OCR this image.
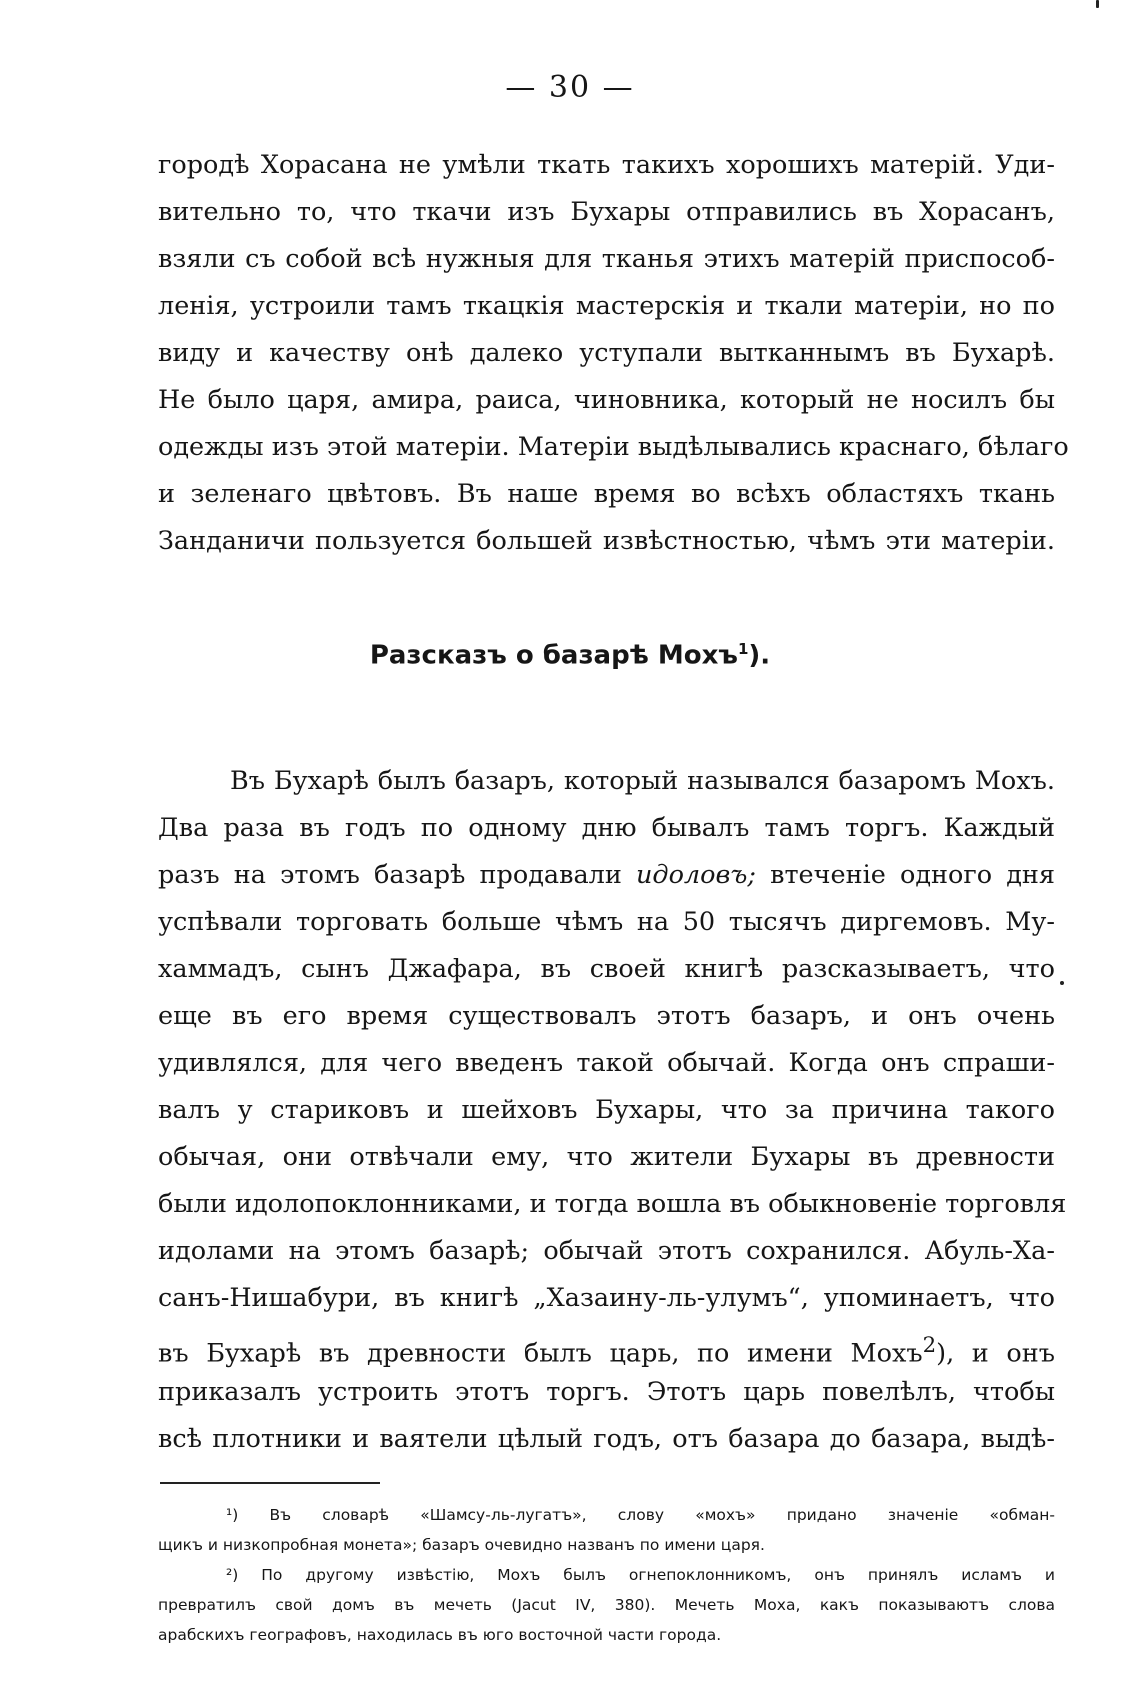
— 30 —
городѣ Хорасана не умѣли ткать такихъ хорошихъ матерій. Уди-
вительно то, что ткачи изъ Бухары отправились въ Хорасанъ,
взяли съ собой всѣ нужныя для тканья этихъ матерій приспособ-
ленія, устроили тамъ ткацкія мастерскія и ткали матеріи, но по
виду и качеству онѣ далеко уступали вытканнымъ въ Бухарѣ.
Не было царя, амира, раиса, чиновника, который не носилъ бы
одежды изъ этой матеріи. Матеріи выдѣлывались краснаго, бѣлаго
и зеленаго цвѣтовъ. Въ наше время во всѣхъ областяхъ ткань
Занданичи пользуется большей извѣстностью, чѣмъ эти матеріи.
Разсказъ о базарѣ Мохъ$^1$).
Въ Бухарѣ былъ базаръ, который назывался базаромъ Мохъ.
Два раза въ годъ по одному дню бывалъ тамъ торгъ. Каждый
разъ на этомъ базарѣ продавали идоловъ; втеченіе одного дня
успѣвали торговать больше чѣмъ на 50 тысячъ диргемовъ. Му-
хаммадъ, сынъ Джафара, въ своей книгѣ разсказываетъ, что
еще въ его время существовалъ этотъ базаръ, и онъ очень
удивлялся, для чего введенъ такой обычай. Когда онъ спраши-
валъ у стариковъ и шейховъ Бухары, что за причина такого
обычая, они отвѣчали ему, что жители Бухары въ древности
были идолопоклонниками, и тогда вошла въ обыкновеніе торговля
идолами на этомъ базарѣ; обычай этотъ сохранился. Абуль-Ха-
санъ-Нишабури, въ книгѣ „Хазаину-ль-улумъ“, упоминаетъ, что
въ Бухарѣ въ древности былъ царь, по имени Мохъ$^2$), и онъ
приказалъ устроить этотъ торгъ. Этотъ царь повелѣлъ, чтобы
всѣ плотники и ваятели цѣлый годъ, отъ базара до базара, выдѣ-
¹) Въ словарѣ «Шамсу-ль-лугатъ», слову «мохъ» придано значеніе «обман-
щикъ и низкопробная монета»; базаръ очевидно названъ по имени царя.
²) По другому извѣстію, Мохъ былъ огнепоклонникомъ, онъ принялъ исламъ и
превратилъ свой домъ въ мечеть (Jacut IV, 380). Мечеть Моха, какъ показываютъ слова
арабскихъ географовъ, находилась въ юго восточной части города.
